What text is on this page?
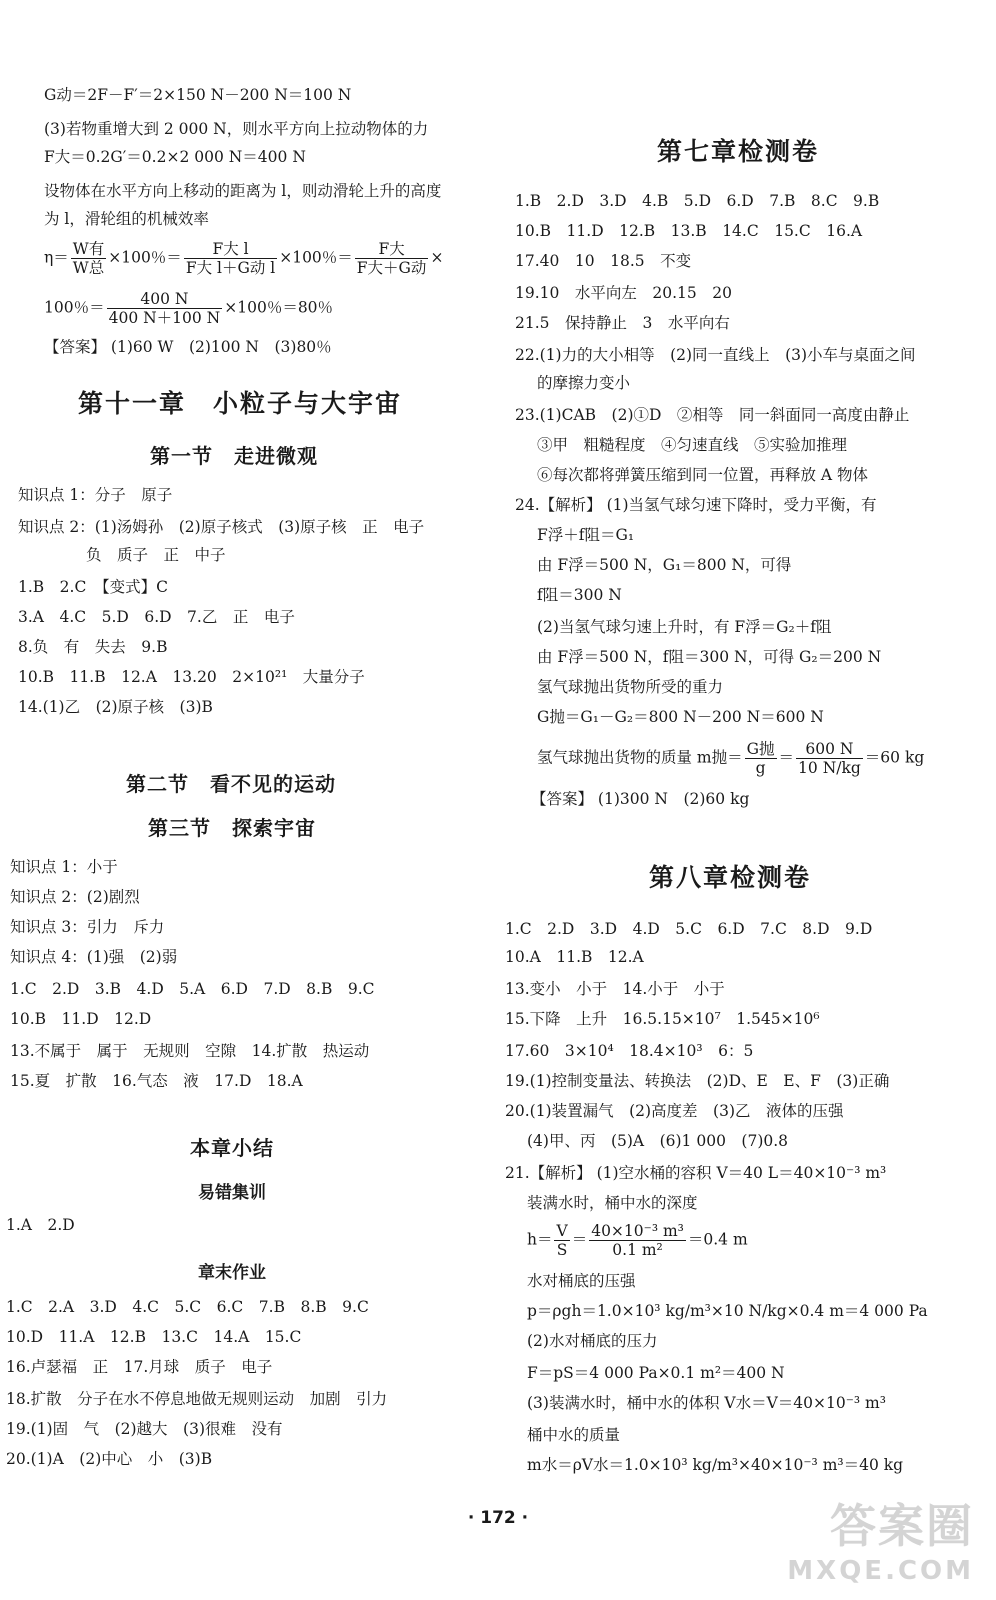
G动＝2F－F′＝2×150 N－200 N＝100 N
(3)若物重增大到 2 000 N，则水平方向上拉动物体的力
F大＝0.2G′＝0.2×2 000 N＝400 N
设物体在水平方向上移动的距离为 l，则动滑轮上升的高度
为 l，滑轮组的机械效率
$\eta= \frac{\text{W有}}{\text{W总}} \times 100$％＝ $\frac{\text{F大 l}}{\text{F大 l＋G动 l}} \times 100$％＝ $\frac{\text{F大}}{\text{F大＋G动}}$ ×
100％＝ $\frac{400 N}{400 N+100 N} \times 100$％＝80％
【答案】 (1)60 W　(2)100 N　(3)80％
第十一章　小粒子与大宇宙
第一节　走进微观
知识点 1：分子　原子
知识点 2：(1)汤姆孙　(2)原子核式　(3)原子核　正　电子
负　质子　正　中子
1.B　2.C　【变式】C
3.A　4.C　5.D　6.D　7.乙　正　电子
8.负　有　失去　9.B
10.B　11.B　12.A　13.20　2×10²¹　大量分子
14.(1)乙　(2)原子核　(3)B
第二节　看不见的运动
第三节　探索宇宙
知识点 1：小于
知识点 2：(2)剧烈
知识点 3：引力　斥力
知识点 4：(1)强　(2)弱
1.C　2.D　3.B　4.D　5.A　6.D　7.D　8.B　9.C
10.B　11.D　12.D
13.不属于　属于　无规则　空隙　14.扩散　热运动
15.夏　扩散　16.气态　液　17.D　18.A
本章小结
易错集训
1.A　2.D
章末作业
1.C　2.A　3.D　4.C　5.C　6.C　7.B　8.B　9.C
10.D　11.A　12.B　13.C　14.A　15.C
16.卢瑟福　正　17.月球　质子　电子
18.扩散　分子在水不停息地做无规则运动　加剧　引力
19.(1)固　气　(2)越大　(3)很难　没有
20.(1)A　(2)中心　小　(3)B
第七章检测卷
1.B　2.D　3.D　4.B　5.D　6.D　7.B　8.C　9.B
10.B　11.D　12.B　13.B　14.C　15.C　16.A
17.40　10　18.5　不变
19.10　水平向左　20.15　20
21.5　保持静止　3　水平向右
22.(1)力的大小相等　(2)同一直线上　(3)小车与桌面之间
的摩擦力变小
23.(1)CAB　(2)①D　②相等　同一斜面同一高度由静止
③甲　粗糙程度　④匀速直线　⑤实验加推理
⑥每次都将弹簧压缩到同一位置，再释放 A 物体
24.【解析】 (1)当氢气球匀速下降时，受力平衡，有
F浮＋f阻＝G₁
由 F浮＝500 N，G₁＝800 N，可得
f阻＝300 N
(2)当氢气球匀速上升时，有 F浮＝G₂＋f阻
由 F浮＝500 N，f阻＝300 N，可得 G₂＝200 N
氢气球抛出货物所受的重力
G抛＝G₁－G₂＝800 N－200 N＝600 N
氢气球抛出货物的质量 m抛＝ $\frac{\text{G抛}}{g} = \frac{600 N}{10 N/kg} =60$ kg
【答案】 (1)300 N　(2)60 kg
第八章检测卷
1.C　2.D　3.D　4.D　5.C　6.D　7.C　8.D　9.D
10.A　11.B　12.A
13.变小　小于　14.小于　小于
15.下降　上升　16.5.15×10⁷　1.545×10⁶
17.60　3×10⁴　18.4×10³　6：5
19.(1)控制变量法、转换法　(2)D、E　E、F　(3)正确
20.(1)装置漏气　(2)高度差　(3)乙　液体的压强
(4)甲、丙　(5)A　(6)1 000　(7)0.8
21.【解析】 (1)空水桶的容积 V＝40 L＝40×10⁻³ m³
装满水时，桶中水的深度
$h= \frac{V}{S} = \frac{\text{40×10⁻³ m³}}{\text{0.1 m²}} =0.4$ m
水对桶底的压强
p＝ρgh＝1.0×10³ kg/m³×10 N/kg×0.4 m＝4 000 Pa
(2)水对桶底的压力
F＝pS＝4 000 Pa×0.1 m²＝400 N
(3)装满水时，桶中水的体积 V水＝V＝40×10⁻³ m³
桶中水的质量
m水＝ρV水＝1.0×10³ kg/m³×40×10⁻³ m³＝40 kg
· 172 ·	答案圈
MXQE.COM
